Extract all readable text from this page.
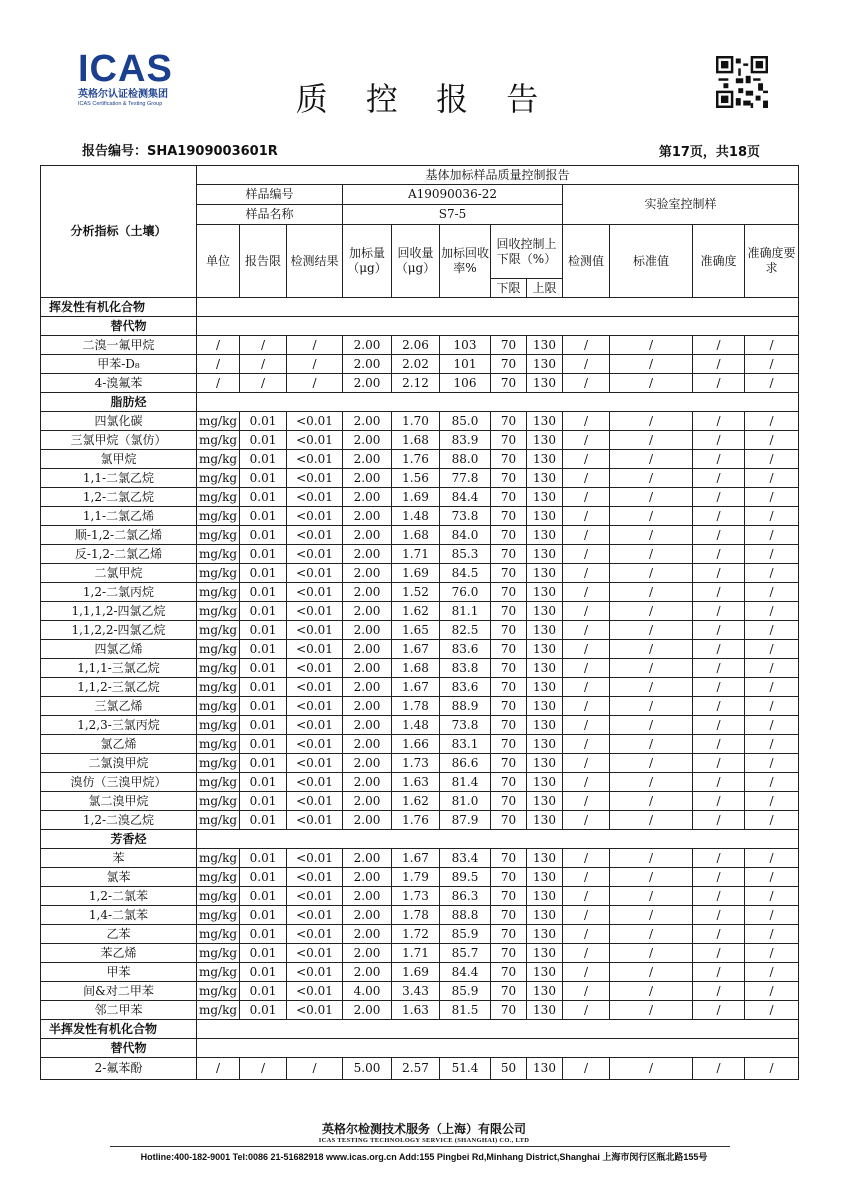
ICAS
英格尔认证检测集团
ICAS Certification & Testing Group	质 控 报 告
报告编号：SHA1909003601R	第17页，共18页
分析指标（土壤）	基体加标样品质量控制报告											
	样品编号			A19090036-22					实验室控制样			
	样品名称			S7-5								
	单位	报告限	检测结果	加标量（μg）	回收量（μg）	加标回收率%	回收控制上下限（%）		检测值	标准值	准确度	准确度要求
							下限	上限				
挥发性有机化合物												
替代物												
二溴一氟甲烷	/	/	/	2.00	2.06	103	70	130	/	/	/	/
甲苯-D₈	/	/	/	2.00	2.02	101	70	130	/	/	/	/
4-溴氟苯	/	/	/	2.00	2.12	106	70	130	/	/	/	/
脂肪烃												
四氯化碳	mg/kg	0.01	<0.01	2.00	1.70	85.0	70	130	/	/	/	/
三氯甲烷（氯仿）	mg/kg	0.01	<0.01	2.00	1.68	83.9	70	130	/	/	/	/
氯甲烷	mg/kg	0.01	<0.01	2.00	1.76	88.0	70	130	/	/	/	/
1,1-二氯乙烷	mg/kg	0.01	<0.01	2.00	1.56	77.8	70	130	/	/	/	/
1,2-二氯乙烷	mg/kg	0.01	<0.01	2.00	1.69	84.4	70	130	/	/	/	/
1,1-二氯乙烯	mg/kg	0.01	<0.01	2.00	1.48	73.8	70	130	/	/	/	/
顺-1,2-二氯乙烯	mg/kg	0.01	<0.01	2.00	1.68	84.0	70	130	/	/	/	/
反-1,2-二氯乙烯	mg/kg	0.01	<0.01	2.00	1.71	85.3	70	130	/	/	/	/
二氯甲烷	mg/kg	0.01	<0.01	2.00	1.69	84.5	70	130	/	/	/	/
1,2-二氯丙烷	mg/kg	0.01	<0.01	2.00	1.52	76.0	70	130	/	/	/	/
1,1,1,2-四氯乙烷	mg/kg	0.01	<0.01	2.00	1.62	81.1	70	130	/	/	/	/
1,1,2,2-四氯乙烷	mg/kg	0.01	<0.01	2.00	1.65	82.5	70	130	/	/	/	/
四氯乙烯	mg/kg	0.01	<0.01	2.00	1.67	83.6	70	130	/	/	/	/
1,1,1-三氯乙烷	mg/kg	0.01	<0.01	2.00	1.68	83.8	70	130	/	/	/	/
1,1,2-三氯乙烷	mg/kg	0.01	<0.01	2.00	1.67	83.6	70	130	/	/	/	/
三氯乙烯	mg/kg	0.01	<0.01	2.00	1.78	88.9	70	130	/	/	/	/
1,2,3-三氯丙烷	mg/kg	0.01	<0.01	2.00	1.48	73.8	70	130	/	/	/	/
氯乙烯	mg/kg	0.01	<0.01	2.00	1.66	83.1	70	130	/	/	/	/
二氯溴甲烷	mg/kg	0.01	<0.01	2.00	1.73	86.6	70	130	/	/	/	/
溴仿（三溴甲烷）	mg/kg	0.01	<0.01	2.00	1.63	81.4	70	130	/	/	/	/
氯二溴甲烷	mg/kg	0.01	<0.01	2.00	1.62	81.0	70	130	/	/	/	/
1,2-二溴乙烷	mg/kg	0.01	<0.01	2.00	1.76	87.9	70	130	/	/	/	/
芳香烃												
苯	mg/kg	0.01	<0.01	2.00	1.67	83.4	70	130	/	/	/	/
氯苯	mg/kg	0.01	<0.01	2.00	1.79	89.5	70	130	/	/	/	/
1,2-二氯苯	mg/kg	0.01	<0.01	2.00	1.73	86.3	70	130	/	/	/	/
1,4-二氯苯	mg/kg	0.01	<0.01	2.00	1.78	88.8	70	130	/	/	/	/
乙苯	mg/kg	0.01	<0.01	2.00	1.72	85.9	70	130	/	/	/	/
苯乙烯	mg/kg	0.01	<0.01	2.00	1.71	85.7	70	130	/	/	/	/
甲苯	mg/kg	0.01	<0.01	2.00	1.69	84.4	70	130	/	/	/	/
间&对二甲苯	mg/kg	0.01	<0.01	4.00	3.43	85.9	70	130	/	/	/	/
邻二甲苯	mg/kg	0.01	<0.01	2.00	1.63	81.5	70	130	/	/	/	/
半挥发性有机化合物												
替代物												
2-氟苯酚	/	/	/	5.00	2.57	51.4	50	130	/	/	/	/
英格尔检测技术服务（上海）有限公司
ICAS TESTING TECHNOLOGY SERVICE (SHANGHAI) CO., LTD
Hotline:400-182-9001 Tel:0086 21-51682918 www.icas.org.cn Add:155 Pingbei Rd,Minhang District,Shanghai 上海市闵行区瓶北路155号
